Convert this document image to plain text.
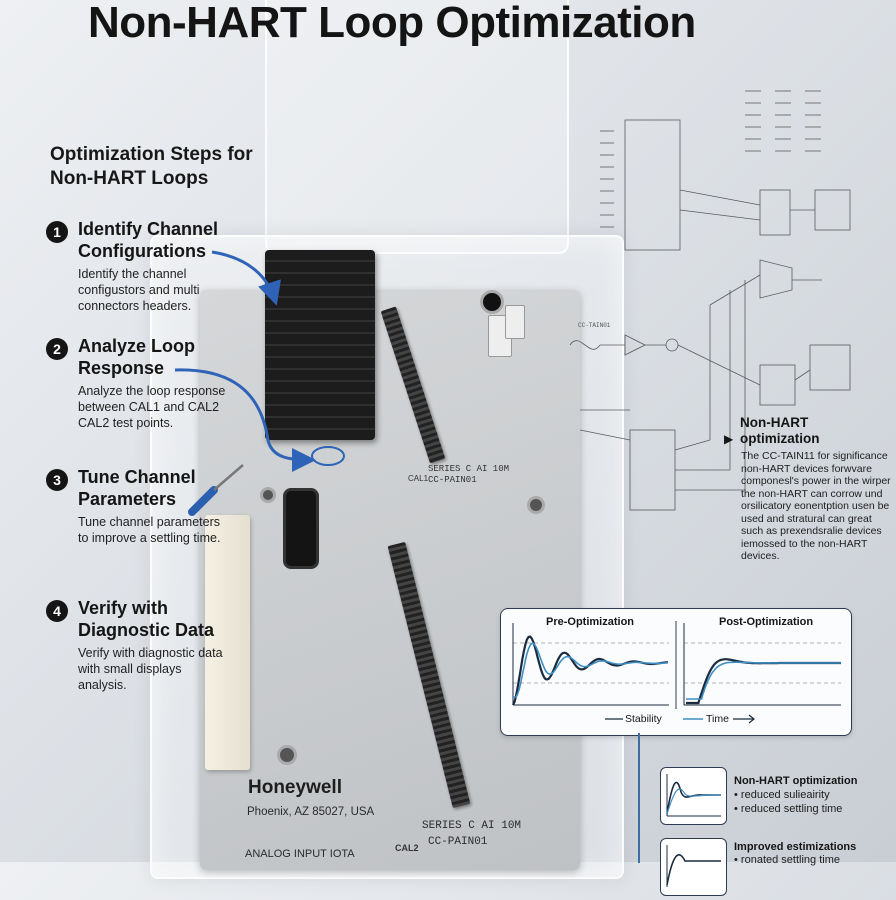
SERIES C AI 10M
CC-PAIN01
CAL1
Honeywell
Phoenix, AZ 85027, USA
SERIES C AI 10M
CC-PAIN01
ANALOG INPUT IOTA	CAL2
Non-HART Loop Optimization
Optimization Steps for Non-HART Loops
1 Identify Channel Configurations
Identify the channel configustors and multi connectors headers.
2 Analyze Loop Response
Analyze the loop response between CAL1 and CAL2 CAL2 test points.
3 Tune Channel Parameters
Tune channel parameters to improve a settling time.
4 Verify with Diagnostic Data
Verify with diagnostic data with small displays analysis.
CC-TAIN01
Non-HART
optimization
▶
The CC-TAIN11 for significance non-HART devices forwvare componesl's power in the wirper the non-HART can corrow und orsilicatory eonentption usen be used and stratural can great such as prexendsralie devices iemossed to the non-HART devices.
Pre-Optimization	Post-Optimization
Stability	Time
Non-HART optimization
• reduced sulieairity
• reduced settling time
Improved estimizations
• ronated settling time
